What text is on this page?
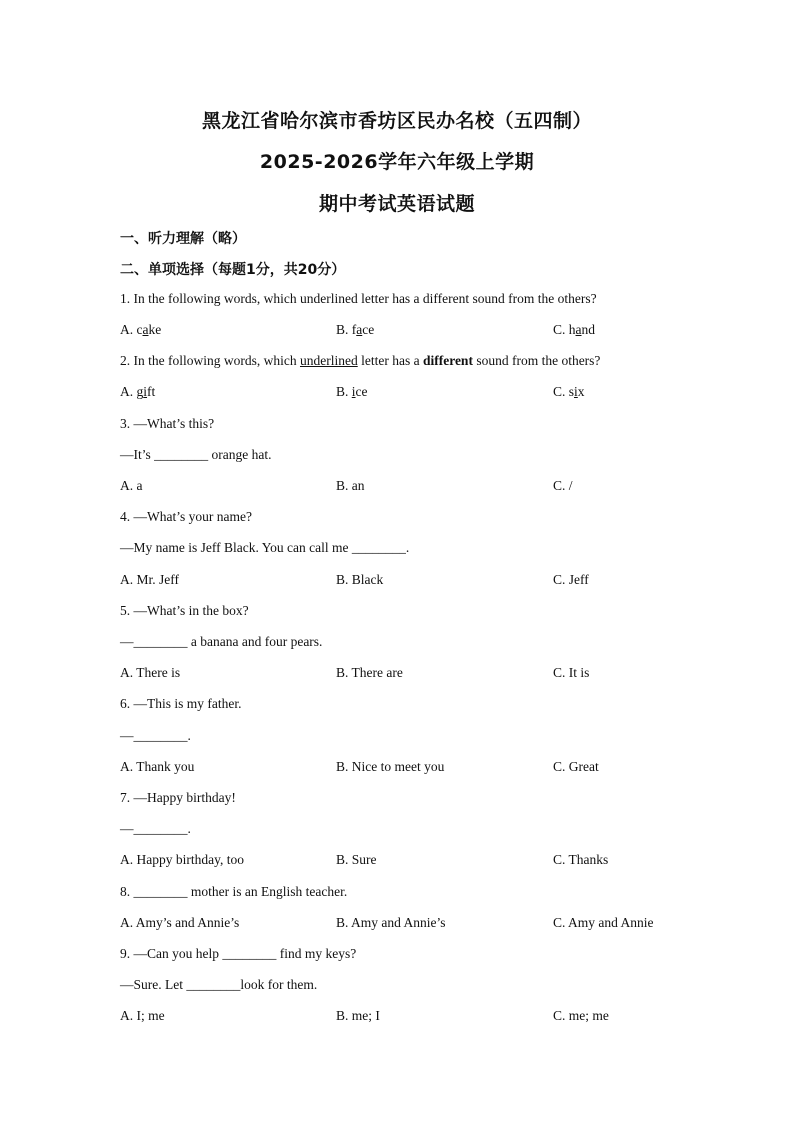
黑龙江省哈尔滨市香坊区民办名校（五四制）
2025-2026学年六年级上学期
期中考试英语试题
一、听力理解（略）
二、单项选择（每题1分，共20分）
1. In the following words, which underlined letter has a different sound from the others?
A. cake	B. face	C. hand
2. In the following words, which underlined letter has a different sound from the others?
A. gift	B. ice	C. six
3. —What’s this?
—It’s ________ orange hat.
A. a	B. an	C. /
4. —What’s your name?
—My name is Jeff Black. You can call me ________.
A. Mr. Jeff	B. Black	C. Jeff
5. —What’s in the box?
—________ a banana and four pears.
A. There is	B. There are	C. It is
6. —This is my father.
—________.
A. Thank you	B. Nice to meet you	C. Great
7. —Happy birthday!
—________.
A. Happy birthday, too	B. Sure	C. Thanks
8. ________ mother is an English teacher.
A. Amy’s and Annie’s	B. Amy and Annie’s	C. Amy and Annie
9. —Can you help ________ find my keys?
—Sure. Let ________look for them.
A. I; me	B. me; I	C. me; me
